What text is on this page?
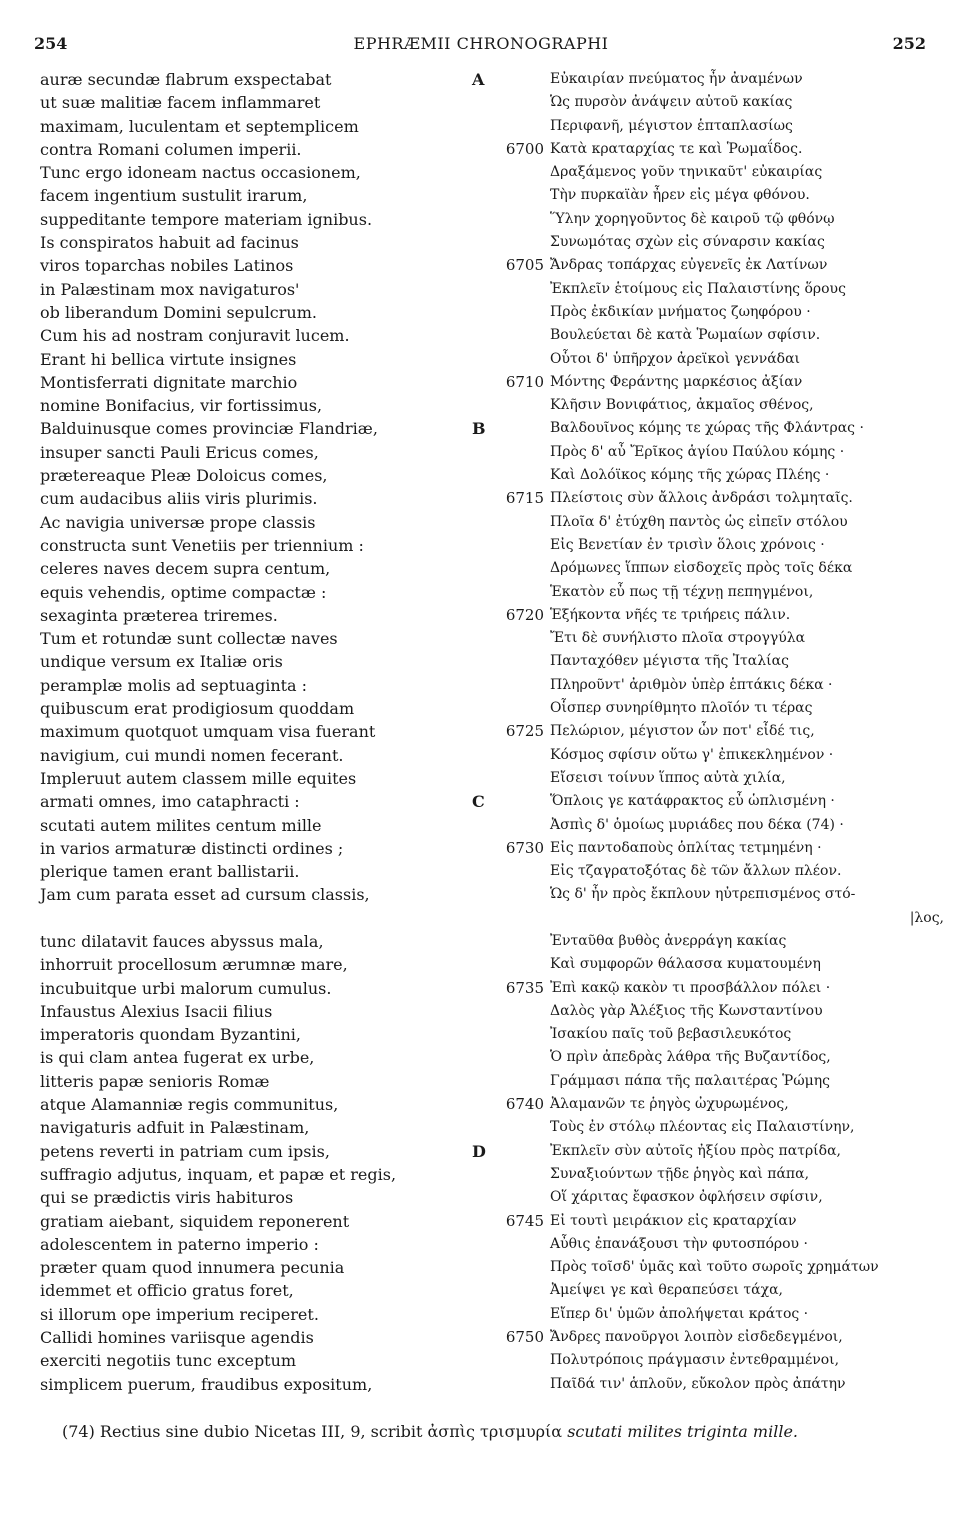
EPHRÆMII CHRONOGRAPHI
254	252
auræ secundæ flabrum exspectabat
ut suæ malitiæ facem inflammaret
maximam, luculentam et septemplicem
contra Romani columen imperii.
Tunc ergo idoneam nactus occasionem,
facem ingentium sustulit irarum,
suppeditante tempore materiam ignibus.
Is conspiratos habuit ad facinus
viros toparchas nobiles Latinos
in Palæstinam mox navigaturos'
ob liberandum Domini sepulcrum.
Cum his ad nostram conjuravit lucem.
Erant hi bellica virtute insignes
Montisferrati dignitate marchio
nomine Bonifacius, vir fortissimus,
Balduinusque comes provinciæ Flandriæ,
insuper sancti Pauli Ericus comes,
prætereaque Pleæ Doloicus comes,
cum audacibus aliis viris plurimis.
Ac navigia universæ prope classis
constructa sunt Venetiis per triennium :
celeres naves decem supra centum,
equis vehendis, optime compactæ :
sexaginta præterea triremes.
Tum et rotundæ sunt collectæ naves
undique versum ex Italiæ oris
peramplæ molis ad septuaginta :
quibuscum erat prodigiosum quoddam
maximum quotquot umquam visa fuerant
navigium, cui mundi nomen fecerant.
Impleruut autem classem mille equites
armati omnes, imo cataphracti :
scutati autem milites centum mille
in varios armaturæ distincti ordines ;
plerique tamen erant ballistarii.
Jam cum parata esset ad cursum classis,
tunc dilatavit fauces abyssus mala,
inhorruit procellosum ærumnæ mare,
incubuitque urbi malorum cumulus.
Infaustus Alexius Isacii filius
imperatoris quondam Byzantini,
is qui clam antea fugerat ex urbe,
litteris papæ senioris Romæ
atque Alamanniæ regis communitus,
navigaturis adfuit in Palæstinam,
petens reverti in patriam cum ipsis,
suffragio adjutus, inquam, et papæ et regis,
qui se prædictis viris habituros
gratiam aiebant, siquidem reponerent
adolescentem in paterno imperio :
præter quam quod innumera pecunia
idemmet et officio gratus foret,
si illorum ope imperium reciperet.
Callidi homines variisque agendis
exerciti negotiis tunc exceptum
simplicem puerum, fraudibus expositum,
A
B
C
D
6700
6705
6710
6715
6720
6725
6730
6735
6740
6745
6750
Εὐκαιρίαν πνεύματος ἦν ἀναμένων
Ὡς πυρσὸν ἀνάψειν αὐτοῦ κακίας
Περιφανῆ, μέγιστον ἑπταπλασίως
Κατὰ κραταρχίας τε καὶ Ῥωμαΐδος.
Δραξάμενος γοῦν τηνικαῦτ' εὐκαιρίας
Τὴν πυρκαϊὰν ἦρεν εἰς μέγα φθόνου.
Ὕλην χορηγοῦντος δὲ καιροῦ τῷ φθόνῳ
Συνωμότας σχὼν εἰς σύναρσιν κακίας
Ἄνδρας τοπάρχας εὐγενεῖς ἐκ Λατίνων
Ἐκπλεῖν ἑτοίμους εἰς Παλαιστίνης ὅρους
Πρὸς ἐκδικίαν μνήματος ζωηφόρου ·
Βουλεύεται δὲ κατὰ Ῥωμαίων σφίσιν.
Οὗτοι δ' ὑπῆρχον ἀρεϊκοὶ γεννάδαι
Μόντης Φεράντης μαρκέσιος ἀξίαν
Κλῆσιν Βονιφάτιος, ἀκμαῖος σθένος,
Βαλδουῖνος κόμης τε χώρας τῆς Φλάντρας ·
Πρὸς δ' αὖ Ἔρῖκος ἁγίου Παύλου κόμης ·
Καὶ Δολόϊκος κόμης τῆς χώρας Πλέης ·
Πλείστοις σὺν ἄλλοις ἀνδράσι τολμηταῖς.
Πλοῖα δ' ἐτύχθη παντὸς ὡς εἰπεῖν στόλου
Εἰς Βενετίαν ἐν τρισὶν ὅλοις χρόνοις ·
Δρόμωνες ἵππων εἰσδοχεῖς πρὸς τοῖς δέκα
Ἑκατὸν εὖ πως τῇ τέχνῃ πεπηγμένοι,
Ἑξήκοντα νῆές τε τριήρεις πάλιν.
Ἔτι δὲ συνήλιστο πλοῖα στρογγύλα
Πανταχόθεν μέγιστα τῆς Ἰταλίας
Πληροῦντ' ἀριθμὸν ὑπὲρ ἑπτάκις δέκα ·
Οἷσπερ συνηρίθμητο πλοῖόν τι τέρας
Πελώριον, μέγιστον ὧν ποτ' εἶδέ τις,
Κόσμος σφίσιν οὕτω γ' ἐπικεκλημένον ·
Εἴσεισι τοίνυν ἵππος αὐτὰ χιλία,
Ὅπλοις γε κατάφρακτος εὖ ὡπλισμένη ·
Ἀσπὶς δ' ὁμοίως μυριάδες που δέκα (74) ·
Εἰς παντοδαποὺς ὁπλίτας τετμημένη ·
Εἰς τζαγρατοξότας δὲ τῶν ἄλλων πλέον.
Ὡς δ' ἦν πρὸς ἔκπλουν ηὐτρεπισμένος στό-
|λος,
Ἐνταῦθα βυθὸς ἀνερράγη κακίας
Καὶ συμφορῶν θάλασσα κυματουμένη
Ἐπὶ κακῷ κακὸν τι προσβάλλον πόλει ·
Δαλὸς γὰρ Ἀλέξιος τῆς Κωνσταντίνου
Ἰσακίου παῖς τοῦ βεβασιλευκότος
Ὁ πρὶν ἀπεδρὰς λάθρα τῆς Βυζαντίδος,
Γράμμασι πάπα τῆς παλαιτέρας Ῥώμης
Ἀλαμανῶν τε ῥηγὸς ὠχυρωμένος,
Τοὺς ἐν στόλῳ πλέοντας εἰς Παλαιστίνην,
Ἐκπλεῖν σὺν αὐτοῖς ἠξίου πρὸς πατρίδα,
Συναξιούντων τῇδε ῥηγὸς καὶ πάπα,
Οἵ χάριτας ἔφασκον ὀφλήσειν σφίσιν,
Εἰ τουτὶ μειράκιον εἰς κραταρχίαν
Αὖθις ἐπανάξουσι τὴν φυτοσπόρου ·
Πρὸς τοῖσδ' ὑμᾶς καὶ τοῦτο σωροῖς χρημάτων
Ἀμείψει γε καὶ θεραπεύσει τάχα,
Εἴπερ δι' ὑμῶν ἀπολήψεται κράτος ·
Ἄνδρες πανοῦργοι λοιπὸν εἰσδεδεγμένοι,
Πολυτρόποις πράγμασιν ἐντεθραμμένοι,
Παῖδά τιν' ἁπλοῦν, εὔκολον πρὸς ἀπάτην
(74) Rectius sine dubio Nicetas III, 9, scribit ἀσπὶς τρισμυρία scutati milites triginta mille.
